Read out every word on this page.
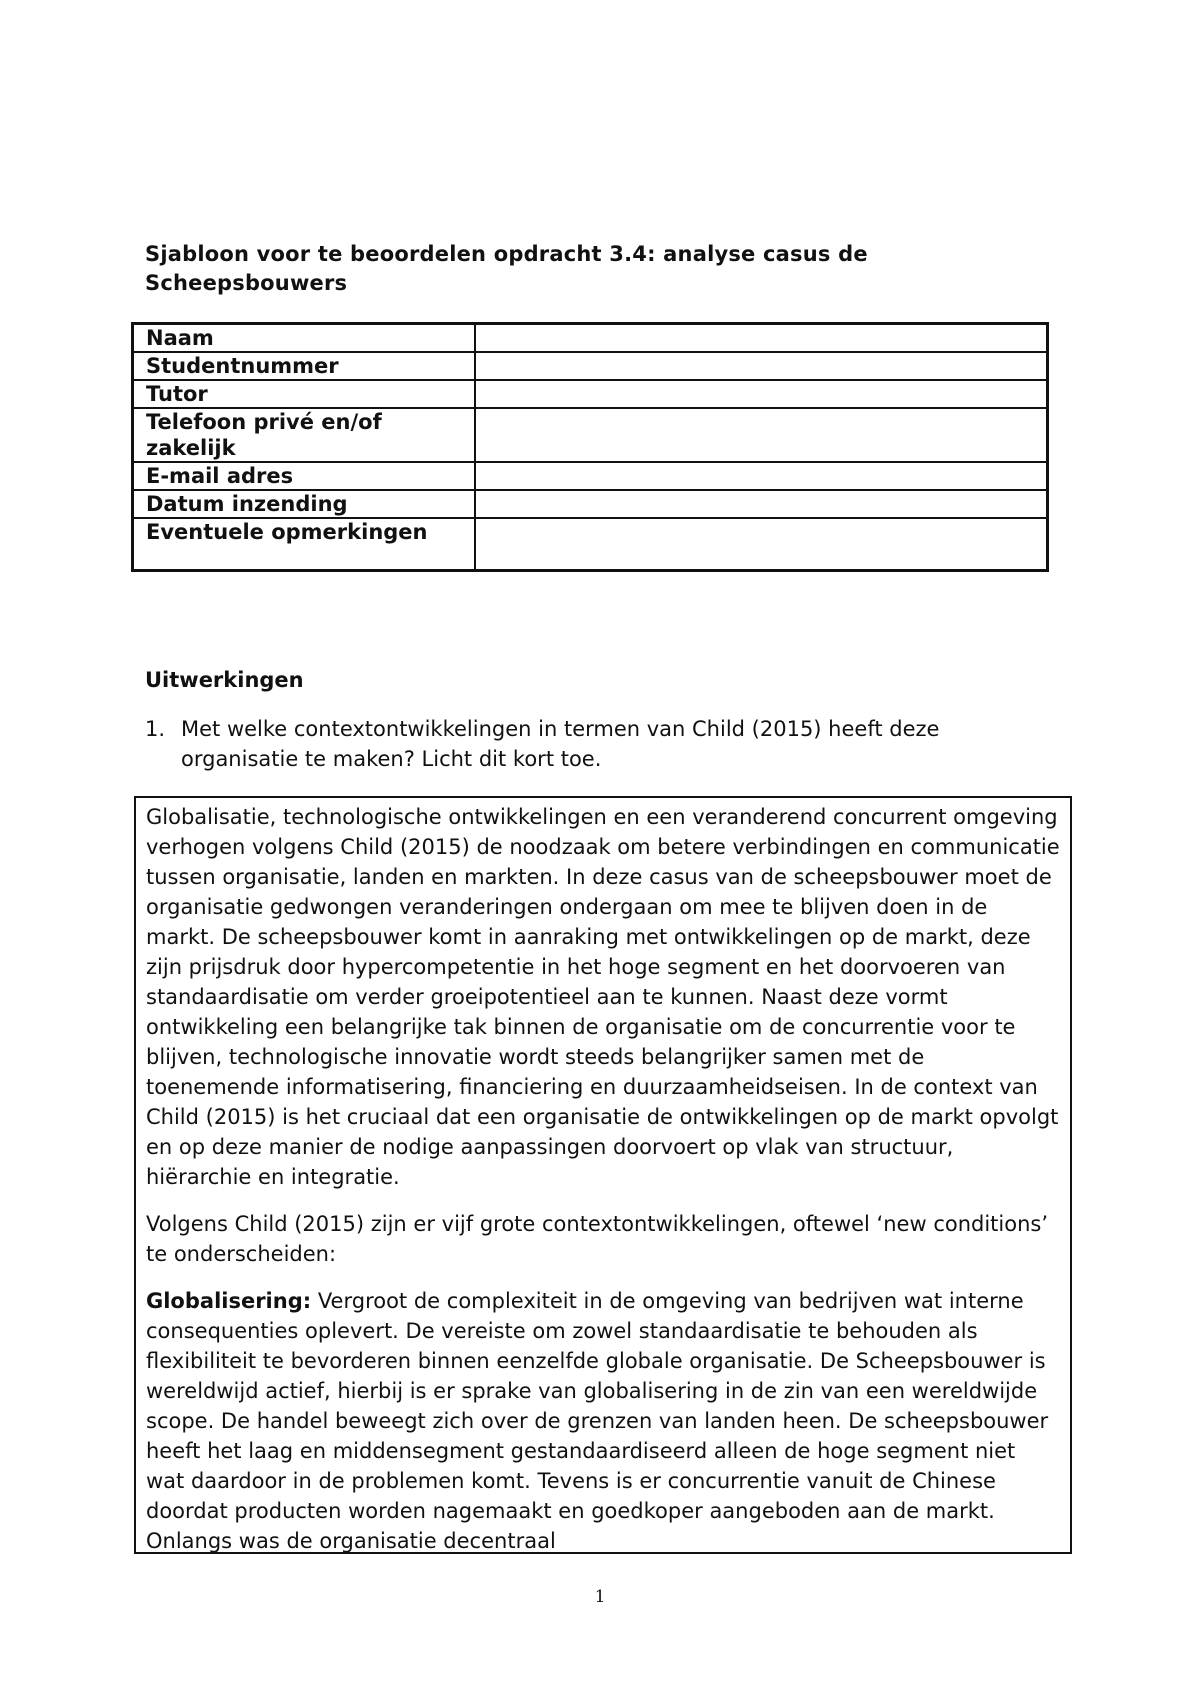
Sjabloon voor te beoordelen opdracht 3.4: analyse casus de Scheepsbouwers
Naam	
Studentnummer	
Tutor	
Telefoon privé en/of zakelijk	
E-mail adres	
Datum inzending	
Eventuele opmerkingen	
Uitwerkingen
1. Met welke contextontwikkelingen in termen van Child (2015) heeft deze organisatie te maken? Licht dit kort toe.

Globalisatie, technologische ontwikkelingen en een veranderend concurrent omgeving verhogen volgens Child (2015) de noodzaak om betere verbindingen en communicatie tussen organisatie, landen en markten. In deze casus van de scheepsbouwer moet de organisatie gedwongen veranderingen ondergaan om mee te blijven doen in de markt. De scheepsbouwer komt in aanraking met ontwikkelingen op de markt, deze zijn prijsdruk door hypercompetentie in het hoge segment en het doorvoeren van standaardisatie om verder groeipotentieel aan te kunnen. Naast deze vormt ontwikkeling een belangrijke tak binnen de organisatie om de concurrentie voor te blijven, technologische innovatie wordt steeds belangrijker samen met de toenemende informatisering, financiering en duurzaamheidseisen. In de context van Child (2015) is het cruciaal dat een organisatie de ontwikkelingen op de markt opvolgt en op deze manier de nodige aanpassingen doorvoert op vlak van structuur, hiërarchie en integratie.

Volgens Child (2015) zijn er vijf grote contextontwikkelingen, oftewel ‘new conditions’ te onderscheiden:

Globalisering: Vergroot de complexiteit in de omgeving van bedrijven wat interne consequenties oplevert. De vereiste om zowel standaardisatie te behouden als flexibiliteit te bevorderen binnen eenzelfde globale organisatie. De Scheepsbouwer is wereldwijd actief, hierbij is er sprake van globalisering in de zin van een wereldwijde scope. De handel beweegt zich over de grenzen van landen heen. De scheepsbouwer heeft het laag en middensegment gestandaardiseerd alleen de hoge segment niet wat daardoor in de problemen komt. Tevens is er concurrentie vanuit de Chinese doordat producten worden nagemaakt en goedkoper aangeboden aan de markt. Onlangs was de organisatie decentraal

1
